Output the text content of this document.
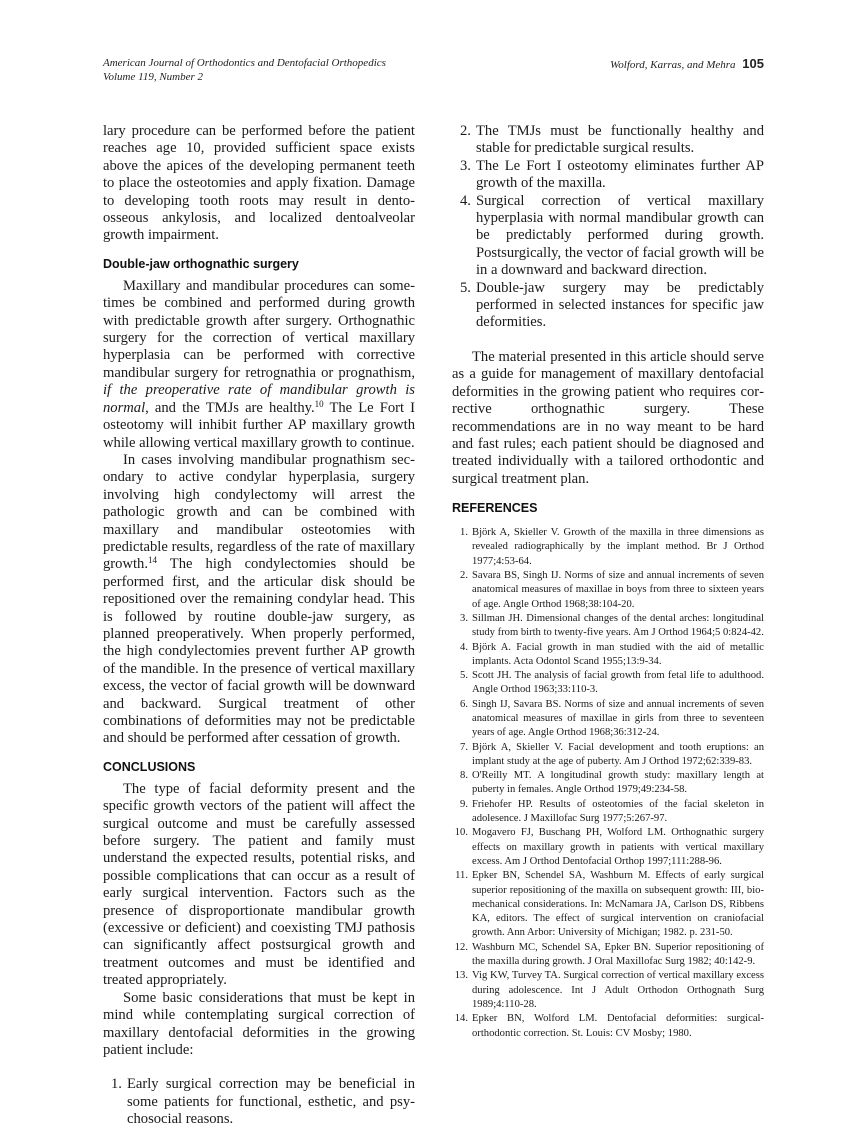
American Journal of Orthodontics and Dentofacial Orthopedics
Volume 119, Number 2
Wolford, Karras, and Mehra 105

lary procedure can be performed before the patient reaches age 10, provided sufficient space exists above the apices of the developing permanent teeth to place the osteotomies and apply fixation. Damage to developing tooth roots may result in dento-osseous ankylosis, and localized dentoalveolar growth impairment.

Double-jaw orthognathic surgery

Maxillary and mandibular procedures can sometimes be combined and performed during growth with predictable growth after surgery. Orthognathic surgery for the correction of vertical maxillary hyperplasia can be performed with corrective mandibular surgery for retrognathia or prognathism, if the preoperative rate of mandibular growth is normal, and the TMJs are healthy.$^{10}$ The Le Fort I osteotomy will inhibit further AP maxillary growth while allowing vertical maxillary growth to continue.

In cases involving mandibular prognathism secondary to active condylar hyperplasia, surgery involving high condylectomy will arrest the pathologic growth and can be combined with maxillary and mandibular osteotomies with predictable results, regardless of the rate of maxillary growth.$^{14}$ The high condylectomies should be performed first, and the articular disk should be repositioned over the remaining condylar head. This is followed by routine double-jaw surgery, as planned preoperatively. When properly performed, the high condylectomies prevent further AP growth of the mandible. In the presence of vertical maxillary excess, the vector of facial growth will be downward and backward. Surgical treatment of other combinations of deformities may not be predictable and should be performed after cessation of growth.

CONCLUSIONS

The type of facial deformity present and the specific growth vectors of the patient will affect the surgical outcome and must be carefully assessed before surgery. The patient and family must understand the expected results, potential risks, and possible complications that can occur as a result of early surgical intervention. Factors such as the presence of disproportionate mandibular growth (excessive or deficient) and coexisting TMJ pathosis can significantly affect postsurgical growth and treatment outcomes and must be identified and treated appropriately.

Some basic considerations that must be kept in mind while contemplating surgical correction of maxillary dentofacial deformities in the growing patient include:

1. Early surgical correction may be beneficial in some patients for functional, esthetic, and psychosocial reasons.
2. The TMJs must be functionally healthy and stable for predictable surgical results.
3. The Le Fort I osteotomy eliminates further AP growth of the maxilla.
4. Surgical correction of vertical maxillary hyperplasia with normal mandibular growth can be predictably performed during growth. Postsurgically, the vector of facial growth will be in a downward and backward direction.
5. Double-jaw surgery may be predictably performed in selected instances for specific jaw deformities.

The material presented in this article should serve as a guide for management of maxillary dentofacial deformities in the growing patient who requires corrective orthognathic surgery. These recommendations are in no way meant to be hard and fast rules; each patient should be diagnosed and treated individually with a tailored orthodontic and surgical treatment plan.

REFERENCES
1. Björk A, Skieller V. Growth of the maxilla in three dimensions as revealed radiographically by the implant method. Br J Orthod 1977;4:53-64.
2. Savara BS, Singh IJ. Norms of size and annual increments of seven anatomical measures of maxillae in boys from three to sixteen years of age. Angle Orthod 1968;38:104-20.
3. Sillman JH. Dimensional changes of the dental arches: longitudinal study from birth to twenty-five years. Am J Orthod 1964;5 0:824-42.
4. Björk A. Facial growth in man studied with the aid of metallic implants. Acta Odontol Scand 1955;13:9-34.
5. Scott JH. The analysis of facial growth from fetal life to adulthood. Angle Orthod 1963;33:110-3.
6. Singh IJ, Savara BS. Norms of size and annual increments of seven anatomical measures of maxillae in girls from three to seventeen years of age. Angle Orthod 1968;36:312-24.
7. Björk A, Skieller V. Facial development and tooth eruptions: an implant study at the age of puberty. Am J Orthod 1972;62:339-83.
8. O'Reilly MT. A longitudinal growth study: maxillary length at puberty in females. Angle Orthod 1979;49:234-58.
9. Friehofer HP. Results of osteotomies of the facial skeleton in adolesence. J Maxillofac Surg 1977;5:267-97.
10. Mogavero FJ, Buschang PH, Wolford LM. Orthognathic surgery effects on maxillary growth in patients with vertical maxillary excess. Am J Orthod Dentofacial Orthop 1997;111:288-96.
11. Epker BN, Schendel SA, Washburn M. Effects of early surgical superior repositioning of the maxilla on subsequent growth: III, biomechanical considerations. In: McNamara JA, Carlson DS, Ribbens KA, editors. The effect of surgical intervention on craniofacial growth. Ann Arbor: University of Michigan; 1982. p. 231-50.
12. Washburn MC, Schendel SA, Epker BN. Superior repositioning of the maxilla during growth. J Oral Maxillofac Surg 1982; 40:142-9.
13. Vig KW, Turvey TA. Surgical correction of vertical maxillary excess during adolescence. Int J Adult Orthodon Orthognath Surg 1989;4:110-28.
14. Epker BN, Wolford LM. Dentofacial deformities: surgical-orthodontic correction. St. Louis: CV Mosby; 1980.
